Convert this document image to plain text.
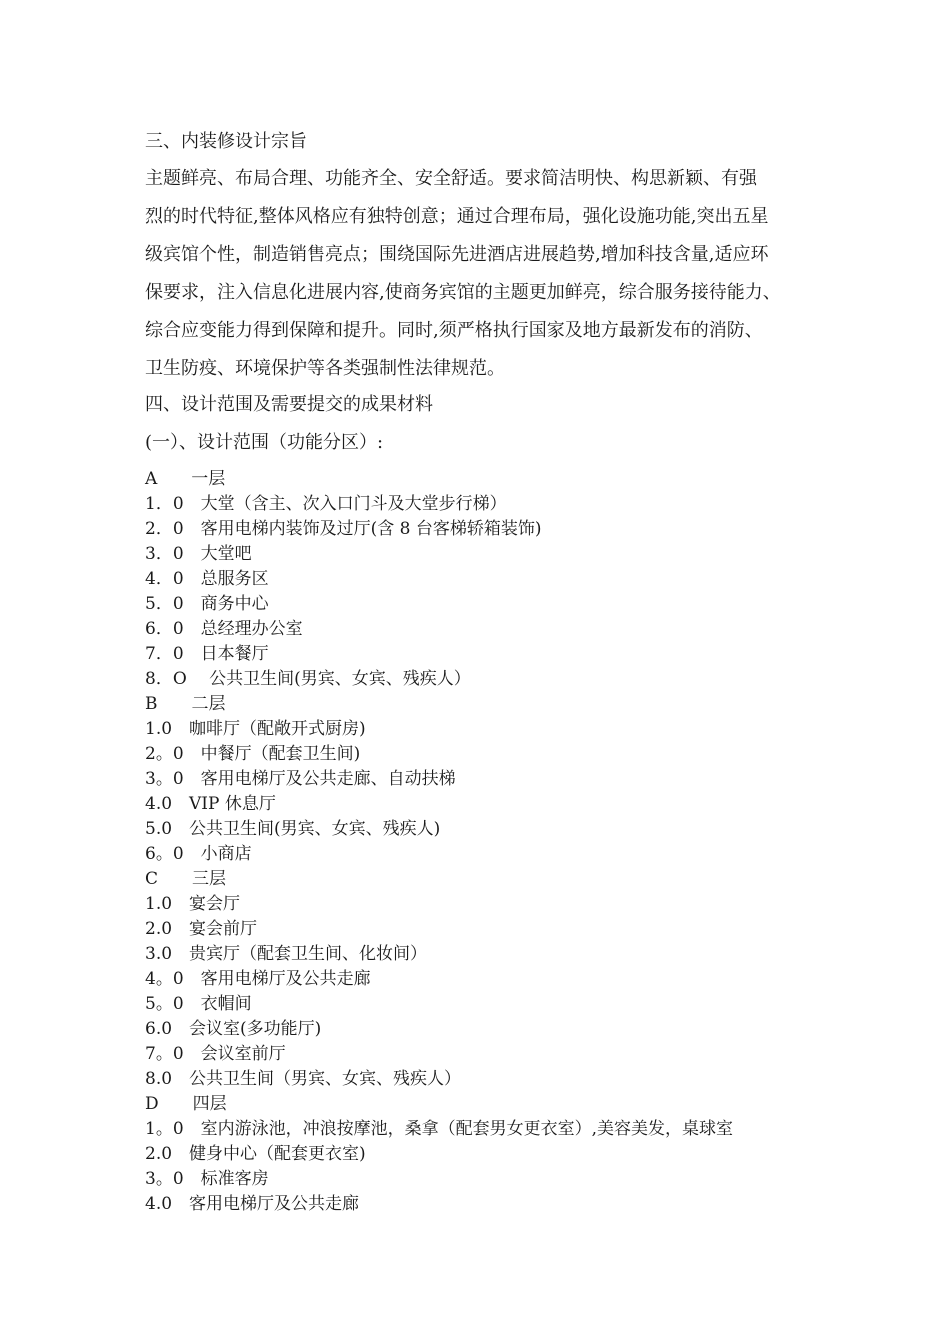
三、内装修设计宗旨

主题鲜亮、布局合理、功能齐全、安全舒适。要求简洁明快、构思新颖、有强

烈的时代特征,整体风格应有独特创意；通过合理布局，强化设施功能,突出五星

级宾馆个性，制造销售亮点；围绕国际先进酒店进展趋势,增加科技含量,适应环

保要求，注入信息化进展内容,使商务宾馆的主题更加鲜亮，综合服务接待能力、

综合应变能力得到保障和提升。同时,须严格执行国家及地方最新发布的消防、

卫生防疫、环境保护等各类强制性法律规范。

四、设计范围及需要提交的成果材料

(一）、设计范围（功能分区）:

A　　一层

1．0　大堂（含主、次入口门斗及大堂步行梯）

2．0　客用电梯内装饰及过厅(含 8 台客梯轿箱装饰)

3．0　大堂吧

4．0　总服务区

5．0　商务中心

6．0　总经理办公室

7．0　日本餐厅

8．O　 公共卫生间(男宾、女宾、残疾人）

B　　二层

1.0　咖啡厅（配敞开式厨房)

2。0　中餐厅（配套卫生间)

3。0　客用电梯厅及公共走廊、自动扶梯

4.0　VIP 休息厅

5.0　公共卫生间(男宾、女宾、残疾人)

6。0　小商店

C　　三层

1.0　宴会厅

2.0　宴会前厅

3.0　贵宾厅（配套卫生间、化妆间）

4。0　客用电梯厅及公共走廊

5。0　衣帽间

6.0　会议室(多功能厅)

7。0　会议室前厅

8.0　公共卫生间（男宾、女宾、残疾人）

D　　四层

1。0　室内游泳池，冲浪按摩池，桑拿（配套男女更衣室）,美容美发，桌球室

2.0　健身中心（配套更衣室)

3。0　标准客房

4.0　客用电梯厅及公共走廊
